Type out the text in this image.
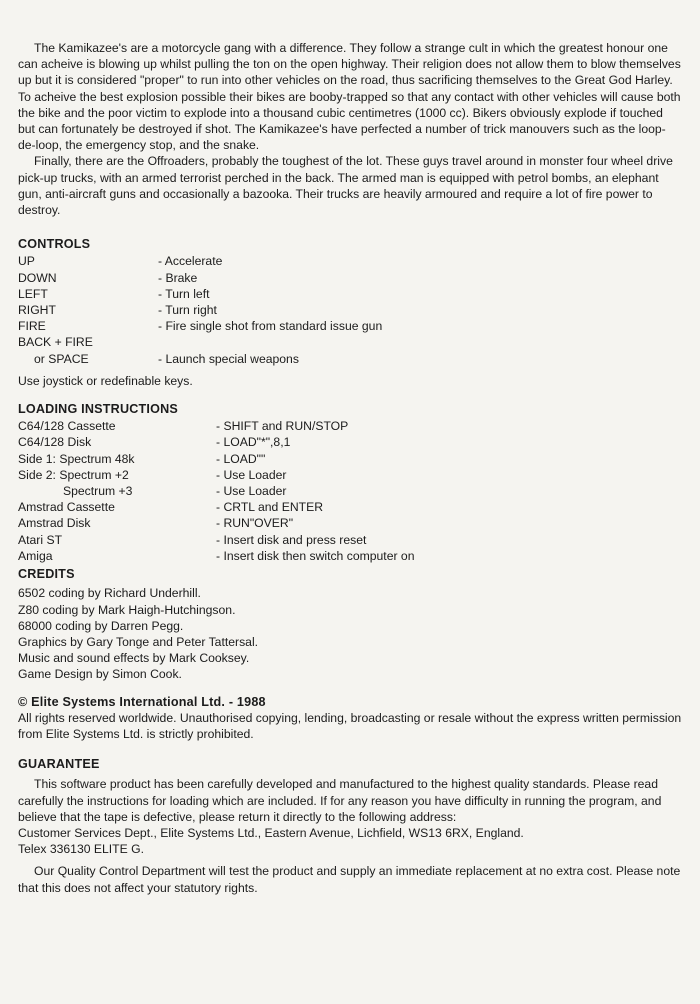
The Kamikazee's are a motorcycle gang with a difference. They follow a strange cult in which the greatest honour one can acheive is blowing up whilst pulling the ton on the open highway. Their religion does not allow them to blow themselves up but it is considered "proper" to run into other vehicles on the road, thus sacrificing themselves to the Great God Harley. To acheive the best explosion possible their bikes are booby-trapped so that any contact with other vehicles will cause both the bike and the poor victim to explode into a thousand cubic centimetres (1000 cc). Bikers obviously explode if touched but can fortunately be destroyed if shot. The Kamikazee's have perfected a number of trick manouvers such as the loop-de-loop, the emergency stop, and the snake.

Finally, there are the Offroaders, probably the toughest of the lot. These guys travel around in monster four wheel drive pick-up trucks, with an armed terrorist perched in the back. The armed man is equipped with petrol bombs, an elephant gun, anti-aircraft guns and occasionally a bazooka. Their trucks are heavily armoured and require a lot of fire power to destroy.

CONTROLS

UP	- Accelerate
DOWN	- Brake
LEFT	- Turn left
RIGHT	- Turn right
FIRE	- Fire single shot from standard issue gun
BACK + FIRE
or SPACE	- Launch special weapons

Use joystick or redefinable keys.

LOADING INSTRUCTIONS

C64/128 Cassette	- SHIFT and RUN/STOP
C64/128 Disk	- LOAD"*",8,1
Side 1: Spectrum 48k	- LOAD""
Side 2: Spectrum +2	- Use Loader
Spectrum +3	- Use Loader
Amstrad Cassette	- CRTL and ENTER
Amstrad Disk	- RUN"OVER"
Atari ST	- Insert disk and press reset
Amiga	- Insert disk then switch computer on

CREDITS

6502 coding by Richard Underhill.

Z80 coding by Mark Haigh-Hutchingson.

68000 coding by Darren Pegg.

Graphics by Gary Tonge and Peter Tattersal.

Music and sound effects by Mark Cooksey.

Game Design by Simon Cook.

© Elite Systems International Ltd. - 1988

All rights reserved worldwide. Unauthorised copying, lending, broadcasting or resale without the express written permission from Elite Systems Ltd. is strictly prohibited.

GUARANTEE

This software product has been carefully developed and manufactured to the highest quality standards. Please read carefully the instructions for loading which are included. If for any reason you have difficulty in running the program, and believe that the tape is defective, please return it directly to the following address:

Customer Services Dept., Elite Systems Ltd., Eastern Avenue, Lichfield, WS13 6RX, England.

Telex 336130 ELITE G.

Our Quality Control Department will test the product and supply an immediate replacement at no extra cost. Please note that this does not affect your statutory rights.
